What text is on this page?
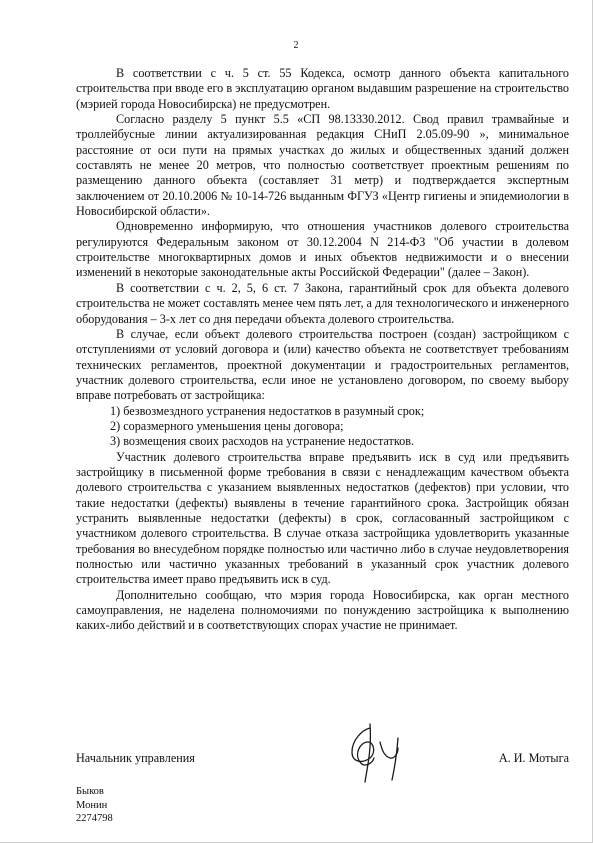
2

В соответствии с ч. 5 ст. 55 Кодекса, осмотр данного объекта капитального строительства при вводе его в эксплуатацию органом выдавшим разрешение на строительство (мэрией города Новосибирска) не предусмотрен.

Согласно разделу 5 пункт 5.5 «СП 98.13330.2012. Свод правил трамвайные и троллейбусные линии актуализированная редакция СНиП 2.05.09-90 », минимальное расстояние от оси пути на прямых участках до жилых и общественных зданий должен составлять не менее 20 метров, что полностью соответствует проектным решениям по размещению данного объекта (составляет 31 метр) и подтверждается экспертным заключением от 20.10.2006 № 10-14-726 выданным ФГУЗ «Центр гигиены и эпидемиологии в Новосибирской области».

Одновременно информирую, что отношения участников долевого строительства регулируются Федеральным законом от 30.12.2004 N 214-ФЗ "Об участии в долевом строительстве многоквартирных домов и иных объектов недвижимости и о внесении изменений в некоторые законодательные акты Российской Федерации" (далее – Закон).

В соответствии с ч. 2, 5, 6 ст. 7 Закона, гарантийный срок для объекта долевого строительства не может составлять менее чем пять лет, а для технологического и инженерного оборудования – 3-х лет со дня передачи объекта долевого строительства.

В случае, если объект долевого строительства построен (создан) застройщиком с отступлениями от условий договора и (или) качество объекта не соответствует требованиям технических регламентов, проектной документации и градостроительных регламентов, участник долевого строительства, если иное не установлено договором, по своему выбору вправе потребовать от застройщика:

1) безвозмездного устранения недостатков в разумный срок;

2) соразмерного уменьшения цены договора;

3) возмещения своих расходов на устранение недостатков.

Участник долевого строительства вправе предъявить иск в суд или предъявить застройщику в письменной форме требования в связи с ненадлежащим качеством объекта долевого строительства с указанием выявленных недостатков (дефектов) при условии, что такие недостатки (дефекты) выявлены в течение гарантийного срока. Застройщик обязан устранить выявленные недостатки (дефекты) в срок, согласованный застройщиком с участником долевого строительства. В случае отказа застройщика удовлетворить указанные требования во внесудебном порядке полностью или частично либо в случае неудовлетворения полностью или частично указанных требований в указанный срок участник долевого строительства имеет право предъявить иск в суд.

Дополнительно сообщаю, что мэрия города Новосибирска, как орган местного самоуправления, не наделена полномочиями по понуждению застройщика к выполнению каких-либо действий и в соответствующих спорах участие не принимает.

Начальник управления	А. И. Мотыга
Быков
Монин
2274798
